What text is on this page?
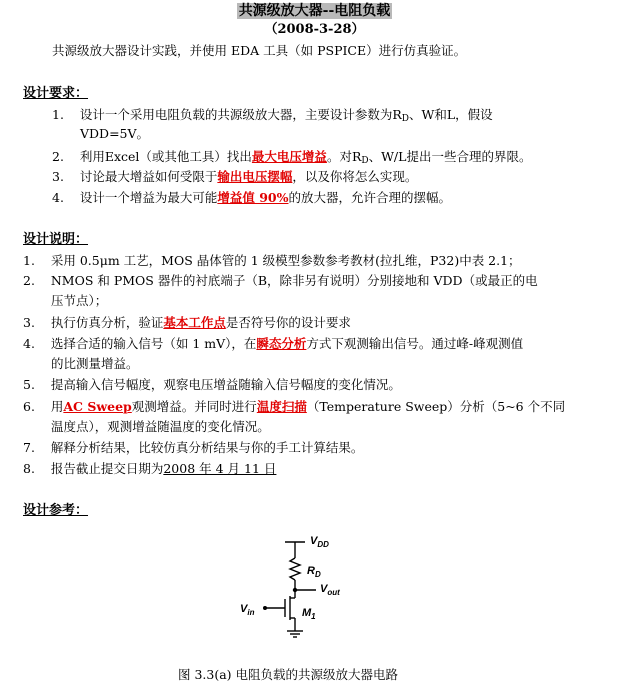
共源级放大器--电阻负载
（2008-3-28）
共源级放大器设计实践，并使用 EDA 工具（如 PSPICE）进行仿真验证。
设计要求：
1. 设计一个采用电阻负载的共源级放大器，主要设计参数为$R_D$、W和L，假设
VDD=5V。
2. 利用Excel（或其他工具）找出最大电压增益。对$R_D$、W/L提出一些合理的界限。
3. 讨论最大增益如何受限于输出电压摆幅，以及你将怎么实现。
4. 设计一个增益为最大可能增益值 90%的放大器，允许合理的摆幅。
设计说明：
1. 采用 0.5μm 工艺，MOS 晶体管的 1 级模型参数参考教材(拉扎维，P32)中表 2.1；
2. NMOS 和 PMOS 器件的衬底端子（B，除非另有说明）分别接地和 VDD（或最正的电
压节点）；
3. 执行仿真分析，验证基本工作点是否符号你的设计要求
4. 选择合适的输入信号（如 1 mV），在瞬态分析方式下观测输出信号。通过峰-峰观测值
的比测量增益。
5. 提高输入信号幅度，观察电压增益随输入信号幅度的变化情况。
6. 用AC Sweep观测增益。并同时进行温度扫描（Temperature Sweep）分析（5~6 个不同
温度点），观测增益随温度的变化情况。
7. 解释分析结果，比较仿真分析结果与你的手工计算结果。
8. 报告截止提交日期为2008 年 4 月 11 日
设计参考：
$V_{DD}$
$R_D$
$V_{out}$
$V_{in}$	$M_1$
图 3.3(a) 电阻负载的共源级放大器电路
